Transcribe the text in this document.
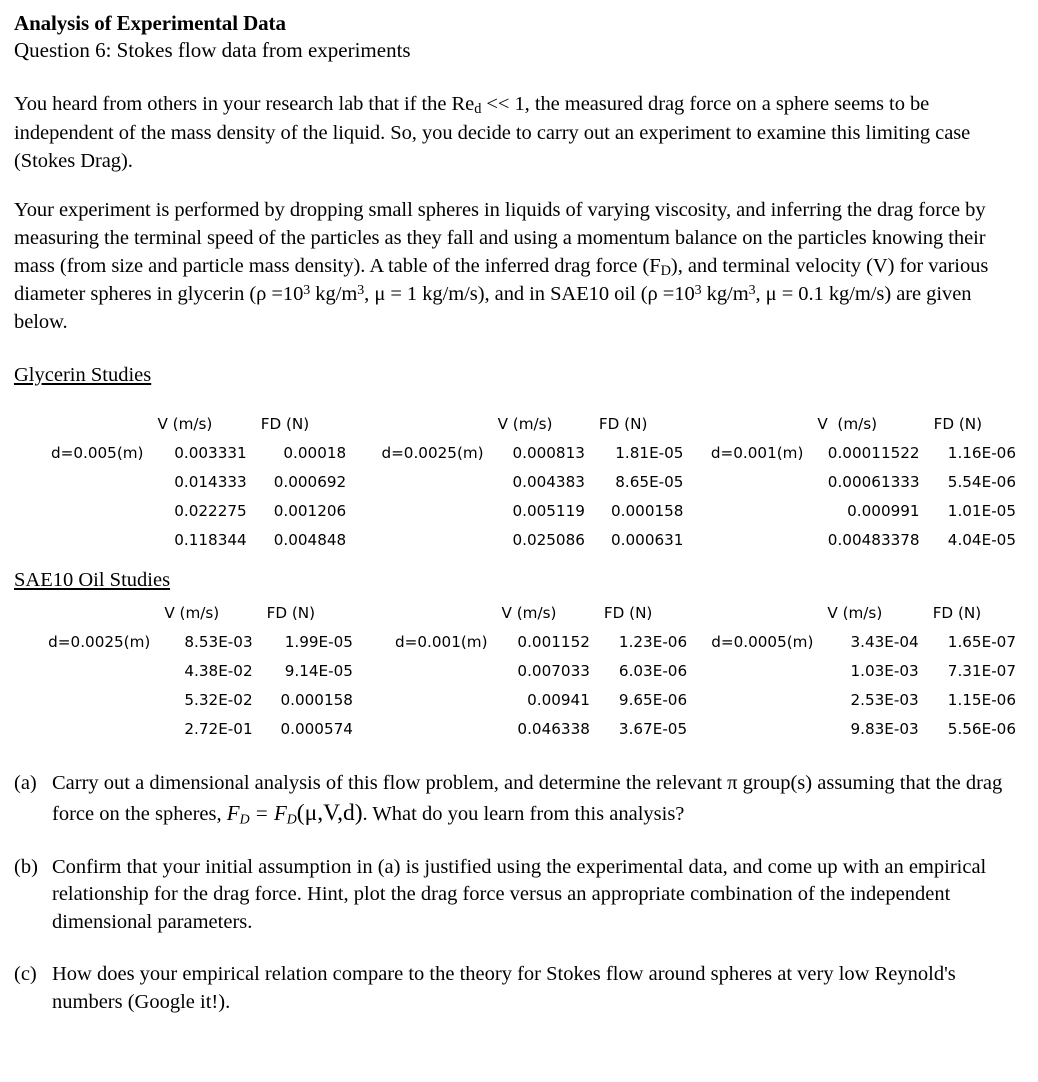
Analysis of Experimental Data
Question 6: Stokes flow data from experiments

You heard from others in your research lab that if the $Re_d << 1$, the measured drag force on a sphere seems to be independent of the mass density of the liquid. So, you decide to carry out an experiment to examine this limiting case (Stokes Drag).

Your experiment is performed by dropping small spheres in liquids of varying viscosity, and inferring the drag force by measuring the terminal speed of the particles as they fall and using a momentum balance on the particles knowing their mass (from size and particle mass density). A table of the inferred drag force $(F_D)$, and terminal velocity (V) for various diameter spheres in glycerin ($\rho =10^3$ $kg/m^3$, μ = 1 kg/m/s), and in SAE10 oil ($\rho =10^3$ $kg/m^3$, μ = 0.1 kg/m/s) are given below.

Glycerin Studies
	V (m/s)	FD (N)		V (m/s)	FD (N)		V  (m/s)	FD (N)
d=0.005(m)	0.003331	0.00018	d=0.0025(m)	0.000813	1.81E-05	d=0.001(m)	0.00011522	1.16E-06
	0.014333	0.000692		0.004383	8.65E-05		0.00061333	5.54E-06
	0.022275	0.001206		0.005119	0.000158		0.000991	1.01E-05
	0.118344	0.004848		0.025086	0.000631		0.00483378	4.04E-05
SAE10 Oil Studies
	V (m/s)	FD (N)		V (m/s)	FD (N)		V (m/s)	FD (N)
d=0.0025(m)	8.53E-03	1.99E-05	d=0.001(m)	0.001152	1.23E-06	d=0.0005(m)	3.43E-04	1.65E-07
	4.38E-02	9.14E-05		0.007033	6.03E-06		1.03E-03	7.31E-07
	5.32E-02	0.000158		0.00941	9.65E-06		2.53E-03	1.15E-06
	2.72E-01	0.000574		0.046338	3.67E-05		9.83E-03	5.56E-06
(a) Carry out a dimensional analysis of this flow problem, and determine the relevant π group(s) assuming that the drag force on the spheres, $F_D = F_D(\mu,V,d)$. What do you learn from this analysis?
(b) Confirm that your initial assumption in (a) is justified using the experimental data, and come up with an empirical relationship for the drag force. Hint, plot the drag force versus an appropriate combination of the independent dimensional parameters.
(c) How does your empirical relation compare to the theory for Stokes flow around spheres at very low Reynold's numbers (Google it!).
